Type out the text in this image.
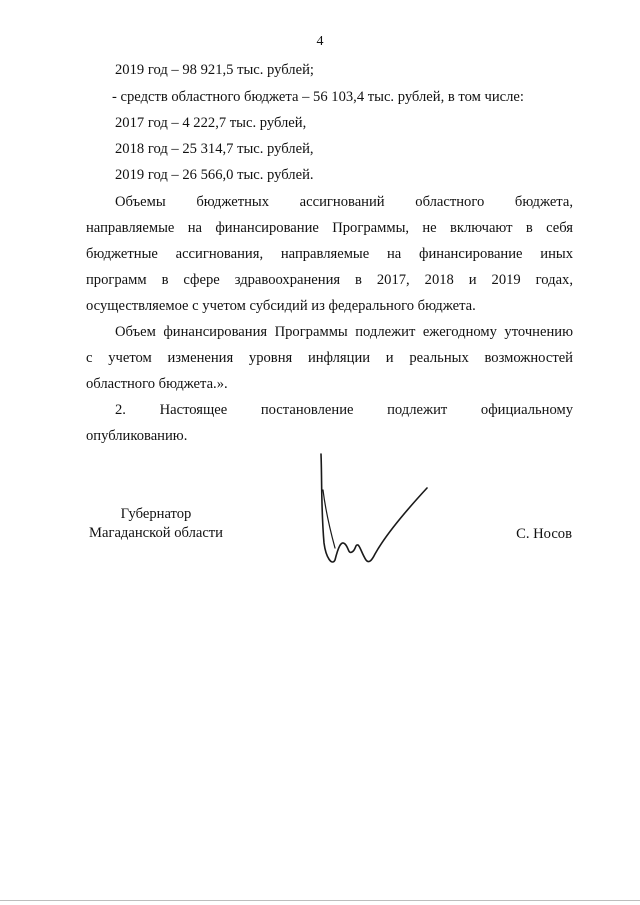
4
2019 год – 98 921,5 тыс. рублей;
- средств областного бюджета – 56 103,4 тыс. рублей, в том числе:
2017 год – 4 222,7 тыс. рублей,
2018 год – 25 314,7 тыс. рублей,
2019 год – 26 566,0 тыс. рублей.
Объемы бюджетных ассигнований областного бюджета,
направляемые на финансирование Программы, не включают в себя
бюджетные ассигнования, направляемые на финансирование иных
программ в сфере здравоохранения в 2017, 2018 и 2019 годах,
осуществляемое с учетом субсидий из федерального бюджета.
Объем финансирования Программы подлежит ежегодному уточнению
с учетом изменения уровня инфляции и реальных возможностей
областного бюджета.».
2. Настоящее постановление подлежит официальному
опубликованию.
Губернатор
Магаданской области	С. Носов
